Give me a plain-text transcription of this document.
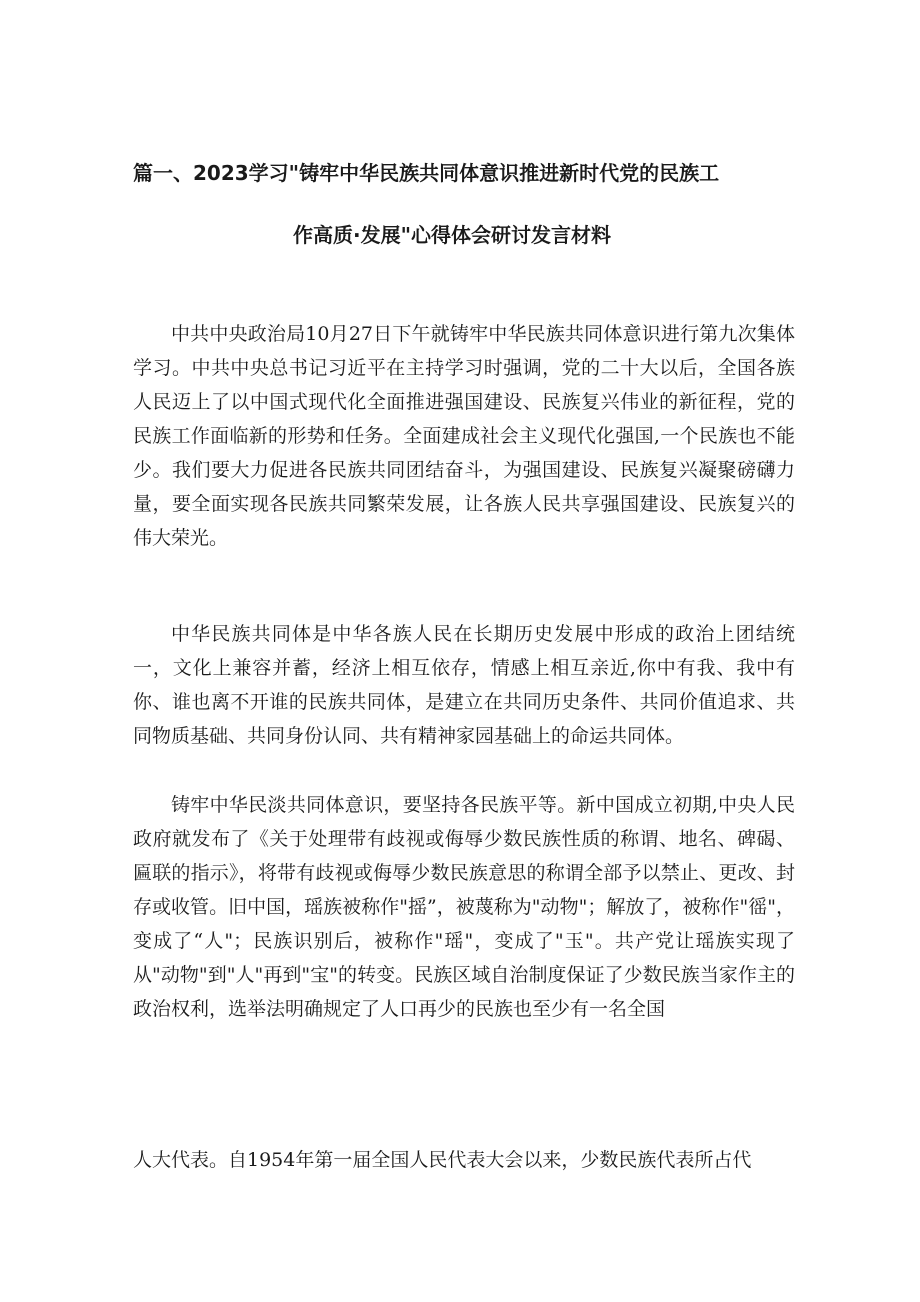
篇一、2023学习"铸牢中华民族共同体意识推进新时代党的民族工
作高质·发展"心得体会研讨发言材料

中共中央政治局10月27日下午就铸牢中华民族共同体意识进行第九次集体学习。中共中央总书记习近平在主持学习时强调，党的二十大以后，全国各族人民迈上了以中国式现代化全面推进强国建设、民族复兴伟业的新征程，党的民族工作面临新的形势和任务。全面建成社会主义现代化强国,一个民族也不能少。我们要大力促进各民族共同团结奋斗，为强国建设、民族复兴凝聚磅礴力量，要全面实现各民族共同繁荣发展，让各族人民共享强国建设、民族复兴的伟大荣光。

中华民族共同体是中华各族人民在长期历史发展中形成的政治上团结统一，文化上兼容并蓄，经济上相互依存，情感上相互亲近,你中有我、我中有你、谁也离不开谁的民族共同体，是建立在共同历史条件、共同价值追求、共同物质基础、共同身份认同、共有精神家园基础上的命运共同体。

铸牢中华民淡共同体意识，要坚持各民族平等。新中国成立初期,中央人民政府就发布了《关于处理带有歧视或侮辱少数民族性质的称谓、地名、碑碣、匾联的指示》，将带有歧视或侮辱少数民族意思的称谓全部予以禁止、更改、封存或收管。旧中国，瑶族被称作"摇”，被蔑称为"动物"；解放了，被称作"徭"，变成了“人"；民族识别后，被称作"瑶"，变成了"玉"。共产党让瑶族实现了从"动物"到"人"再到"宝"的转变。民族区域自治制度保证了少数民族当家作主的政治权利，选举法明确规定了人口再少的民族也至少有一名全国

人大代表。自1954年第一届全国人民代表大会以来，少数民族代表所占代
